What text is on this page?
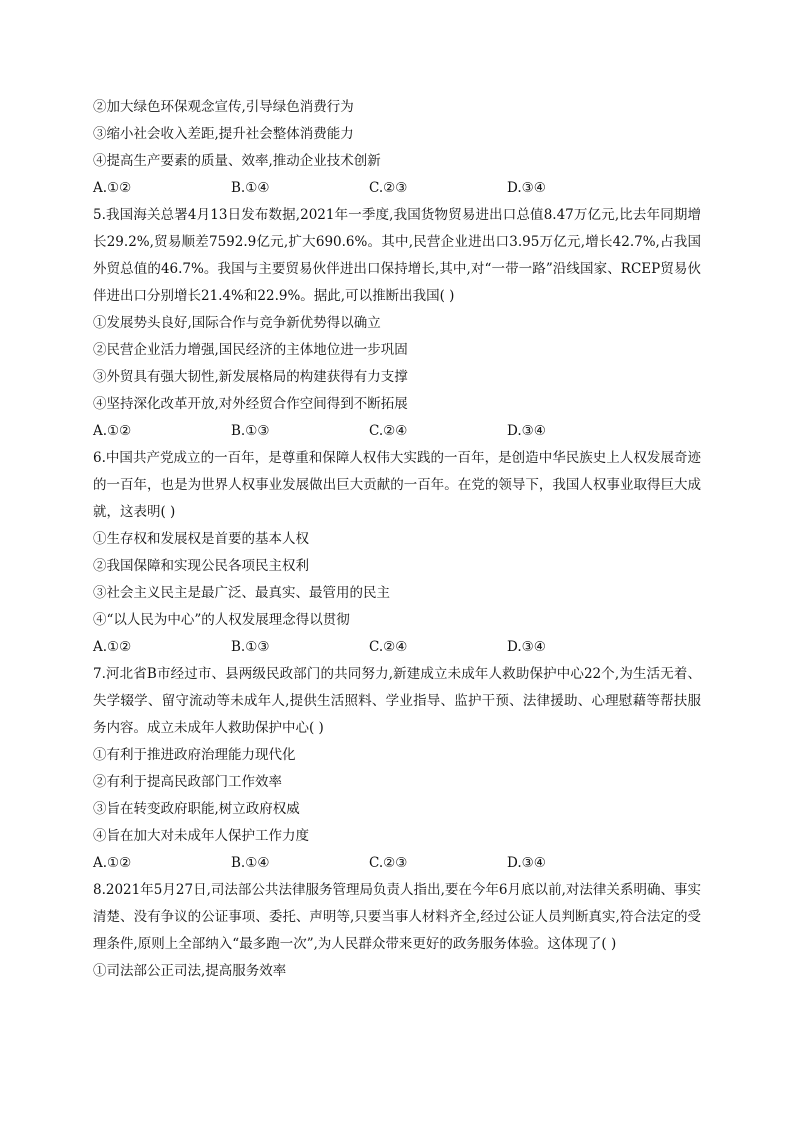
②加大绿色环保观念宣传,引导绿色消费行为
③缩小社会收入差距,提升社会整体消费能力
④提高生产要素的质量、效率,推动企业技术创新
A.①②	B.①④	C.②③	D.③④
5.我国海关总署4月13日发布数据,2021年一季度,我国货物贸易进出口总值8.47万亿元,比去年同期增长29.2%,贸易顺差7592.9亿元,扩大690.6%。其中,民营企业进出口3.95万亿元,增长42.7%,占我国外贸总值的46.7%。我国与主要贸易伙伴进出口保持增长,其中,对“一带一路”沿线国家、RCEP贸易伙伴进出口分别增长21.4%和22.9%。据此,可以推断出我国( )
①发展势头良好,国际合作与竞争新优势得以确立
②民营企业活力增强,国民经济的主体地位进一步巩固
③外贸具有强大韧性,新发展格局的构建获得有力支撑
④坚持深化改革开放,对外经贸合作空间得到不断拓展
A.①②	B.①③	C.②④	D.③④
6.中国共产党成立的一百年，是尊重和保障人权伟大实践的一百年，是创造中华民族史上人权发展奇迹的一百年，也是为世界人权事业发展做出巨大贡献的一百年。在党的领导下，我国人权事业取得巨大成就，这表明( )
①生存权和发展权是首要的基本人权
②我国保障和实现公民各项民主权利
③社会主义民主是最广泛、最真实、最管用的民主
④“以人民为中心”的人权发展理念得以贯彻
A.①②	B.①③	C.②④	D.③④
7.河北省B市经过市、县两级民政部门的共同努力,新建成立未成年人救助保护中心22个,为生活无着、失学辍学、留守流动等未成年人,提供生活照料、学业指导、监护干预、法律援助、心理慰藉等帮扶服务内容。成立未成年人救助保护中心( )
①有利于推进政府治理能力现代化
②有利于提高民政部门工作效率
③旨在转变政府职能,树立政府权威
④旨在加大对未成年人保护工作力度
A.①②	B.①④	C.②③	D.③④
8.2021年5月27日,司法部公共法律服务管理局负责人指出,要在今年6月底以前,对法律关系明确、事实清楚、没有争议的公证事项、委托、声明等,只要当事人材料齐全,经过公证人员判断真实,符合法定的受理条件,原则上全部纳入“最多跑一次”,为人民群众带来更好的政务服务体验。这体现了( )
①司法部公正司法,提高服务效率
